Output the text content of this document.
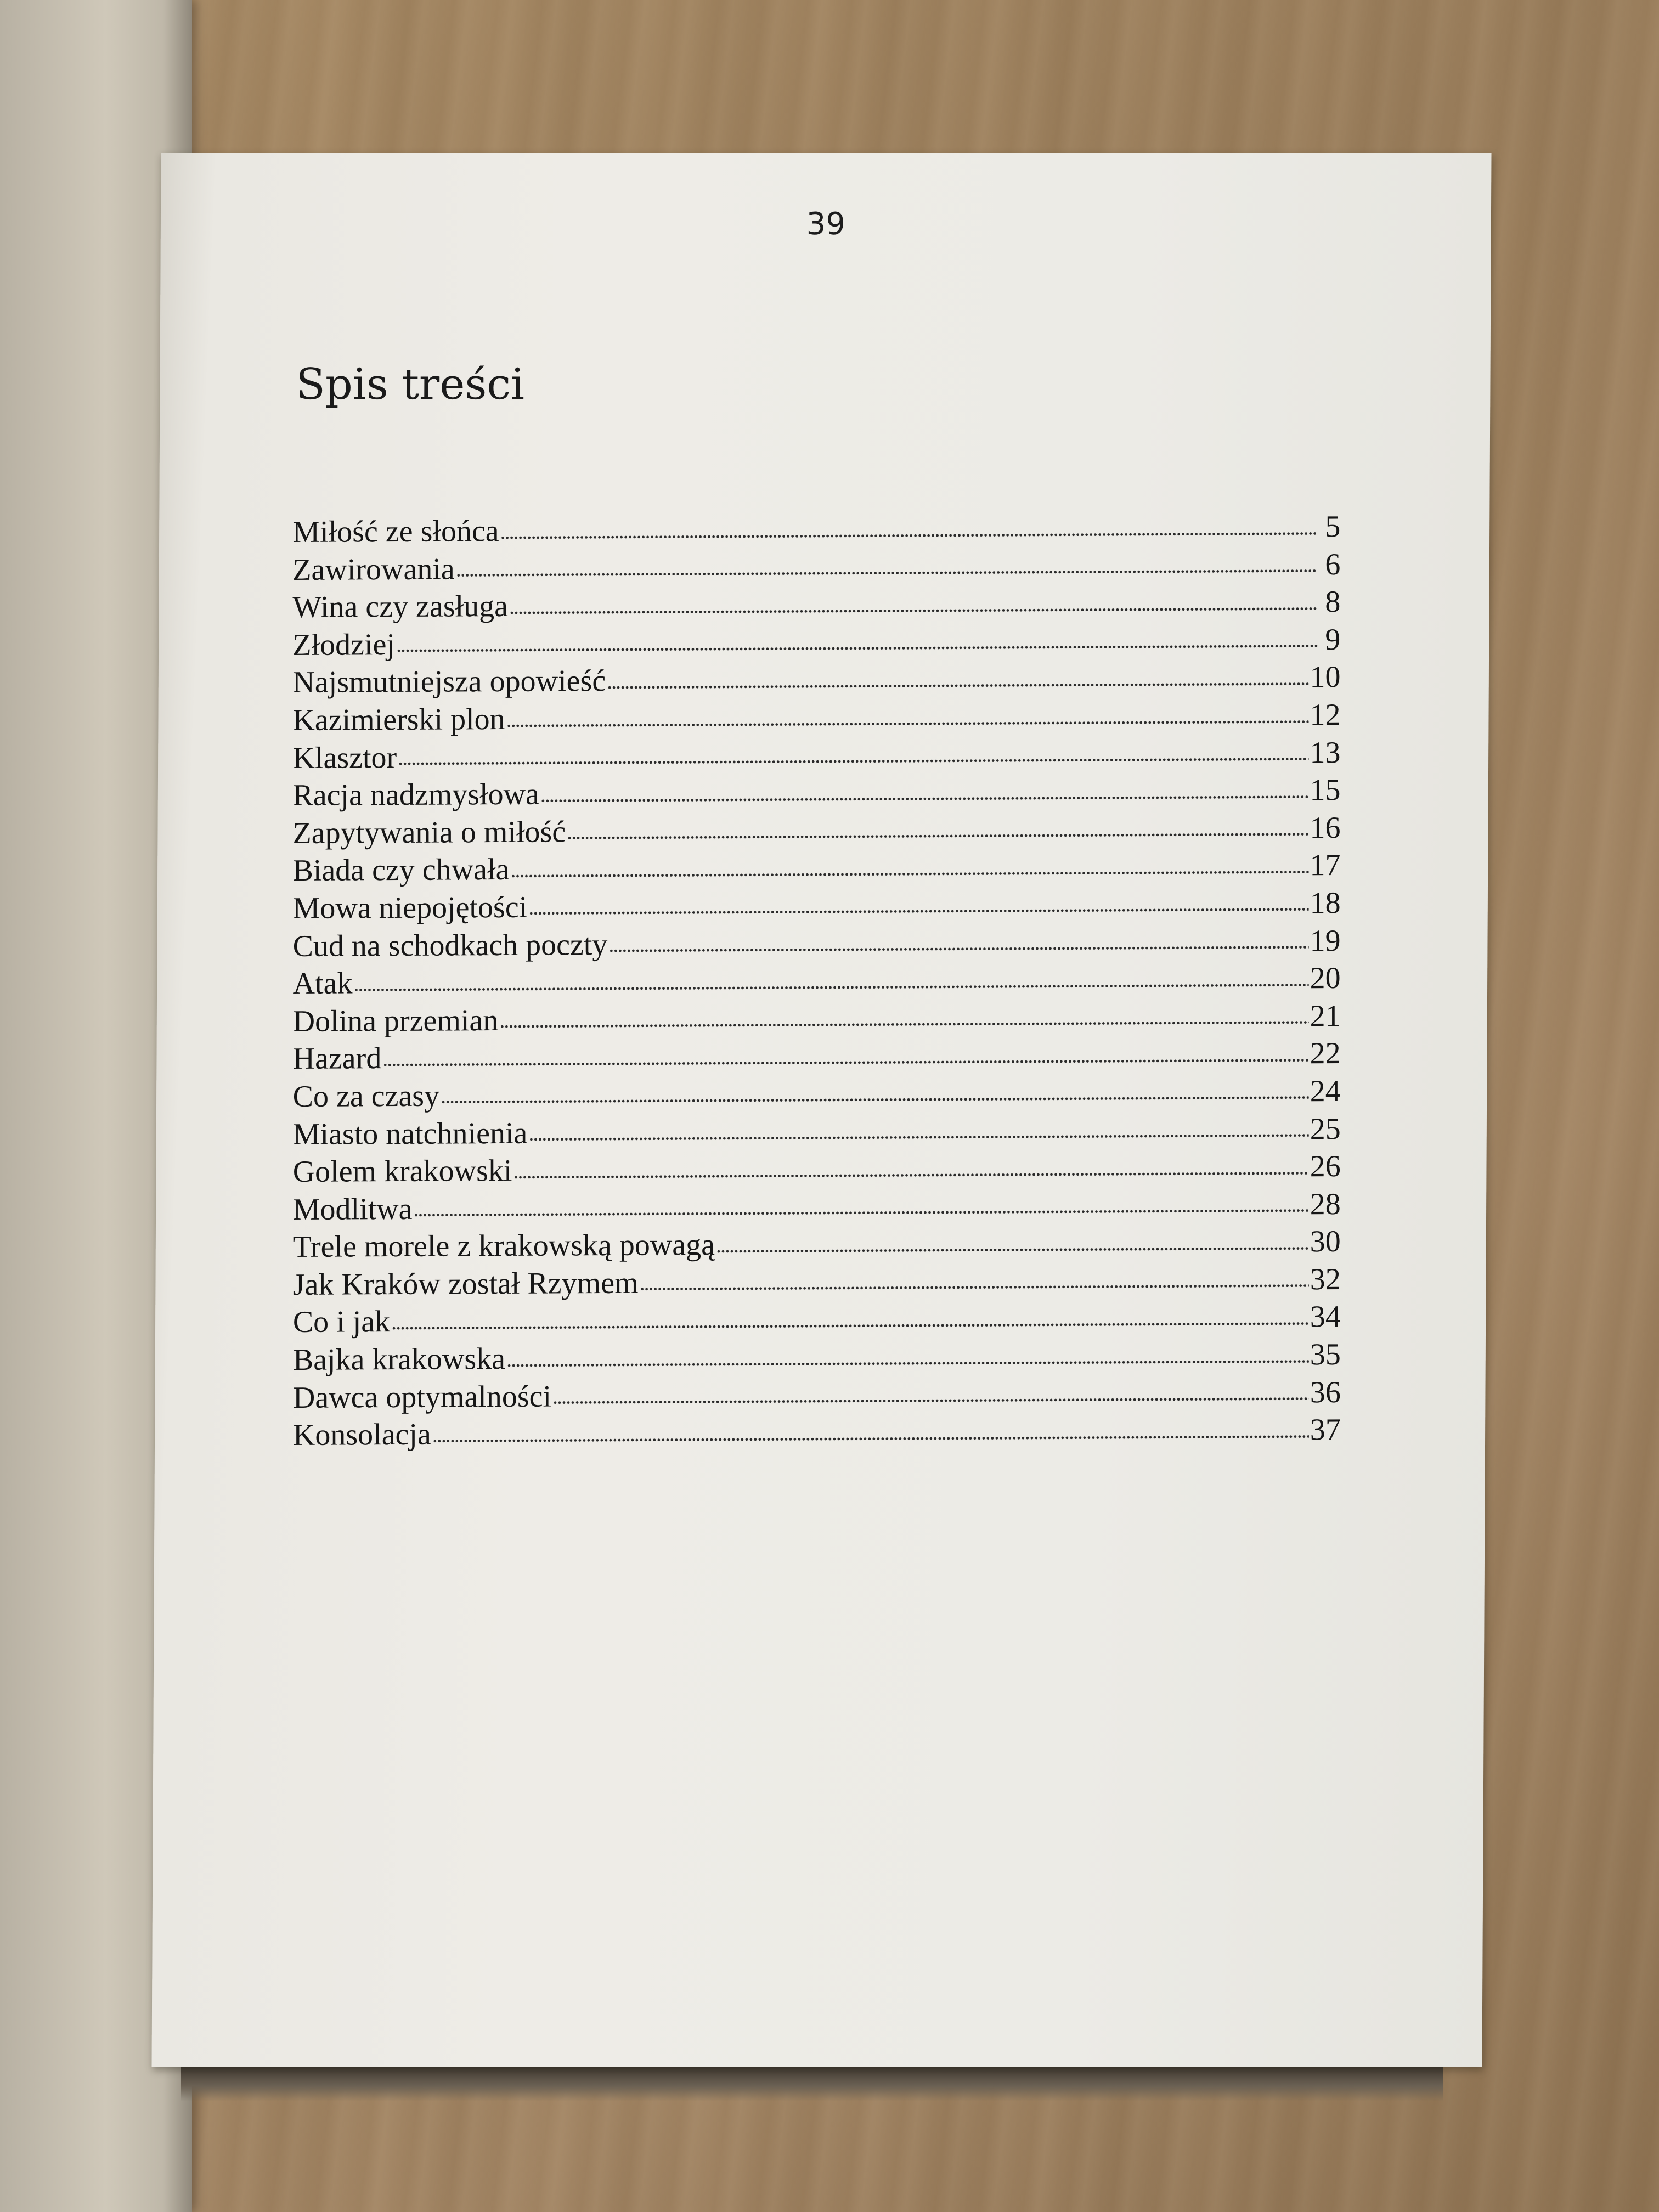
39
Spis treści
Miłość ze słońca . . .	5
Zawirowania . . .	6
Wina czy zasługa . . .	8
Złodziej . . .	9
Najsmutniejsza opowieść . . .	10
Kazimierski plon . . .	12
Klasztor . . .	13
Racja nadzmysłowa . . .	15
Zapytywania o miłość . . .	16
Biada czy chwała . . .	17
Mowa niepojętości . . .	18
Cud na schodkach poczty . . .	19
Atak . . .	20
Dolina przemian . . .	21
Hazard . . .	22
Co za czasy . . .	24
Miasto natchnienia . . .	25
Golem krakowski . . .	26
Modlitwa . . .	28
Trele morele z krakowską powagą . . .	30
Jak Kraków został Rzymem . . .	32
Co i jak . . .	34
Bajka krakowska . . .	35
Dawca optymalności . . .	36
Konsolacja . . .	37
